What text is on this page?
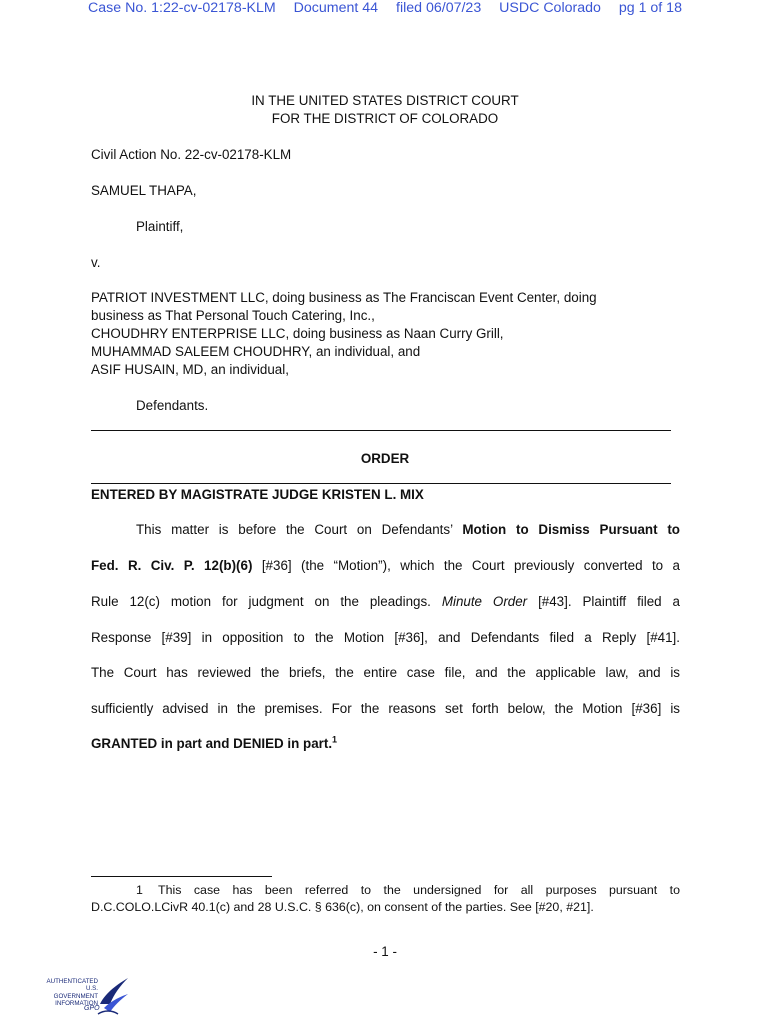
Case No. 1:22-cv-02178-KLM Document 44 filed 06/07/23 USDC Colorado pg 1 of 18
IN THE UNITED STATES DISTRICT COURT
FOR THE DISTRICT OF COLORADO
Civil Action No. 22-cv-02178-KLM
SAMUEL THAPA,
Plaintiff,
v.
PATRIOT INVESTMENT LLC, doing business as The Franciscan Event Center, doing
business as That Personal Touch Catering, Inc.,
CHOUDHRY ENTERPRISE LLC, doing business as Naan Curry Grill,
MUHAMMAD SALEEM CHOUDHRY, an individual, and
ASIF HUSAIN, MD, an individual,
Defendants.
ORDER
ENTERED BY MAGISTRATE JUDGE KRISTEN L. MIX
This matter is before the Court on Defendants’ Motion to Dismiss Pursuant to
Fed. R. Civ. P. 12(b)(6) [#36] (the “Motion”), which the Court previously converted to a
Rule 12(c) motion for judgment on the pleadings. Minute Order [#43]. Plaintiff filed a
Response [#39] in opposition to the Motion [#36], and Defendants filed a Reply [#41].
The Court has reviewed the briefs, the entire case file, and the applicable law, and is
sufficiently advised in the premises. For the reasons set forth below, the Motion [#36] is
GRANTED in part and DENIED in part.$^1$
1 This case has been referred to the undersigned for all purposes pursuant to
D.C.COLO.LCivR 40.1(c) and 28 U.S.C. § 636(c), on consent of the parties. See [#20, #21].
- 1 -
AUTHENTICATED
U.S. GOVERNMENT
INFORMATION
GPO
